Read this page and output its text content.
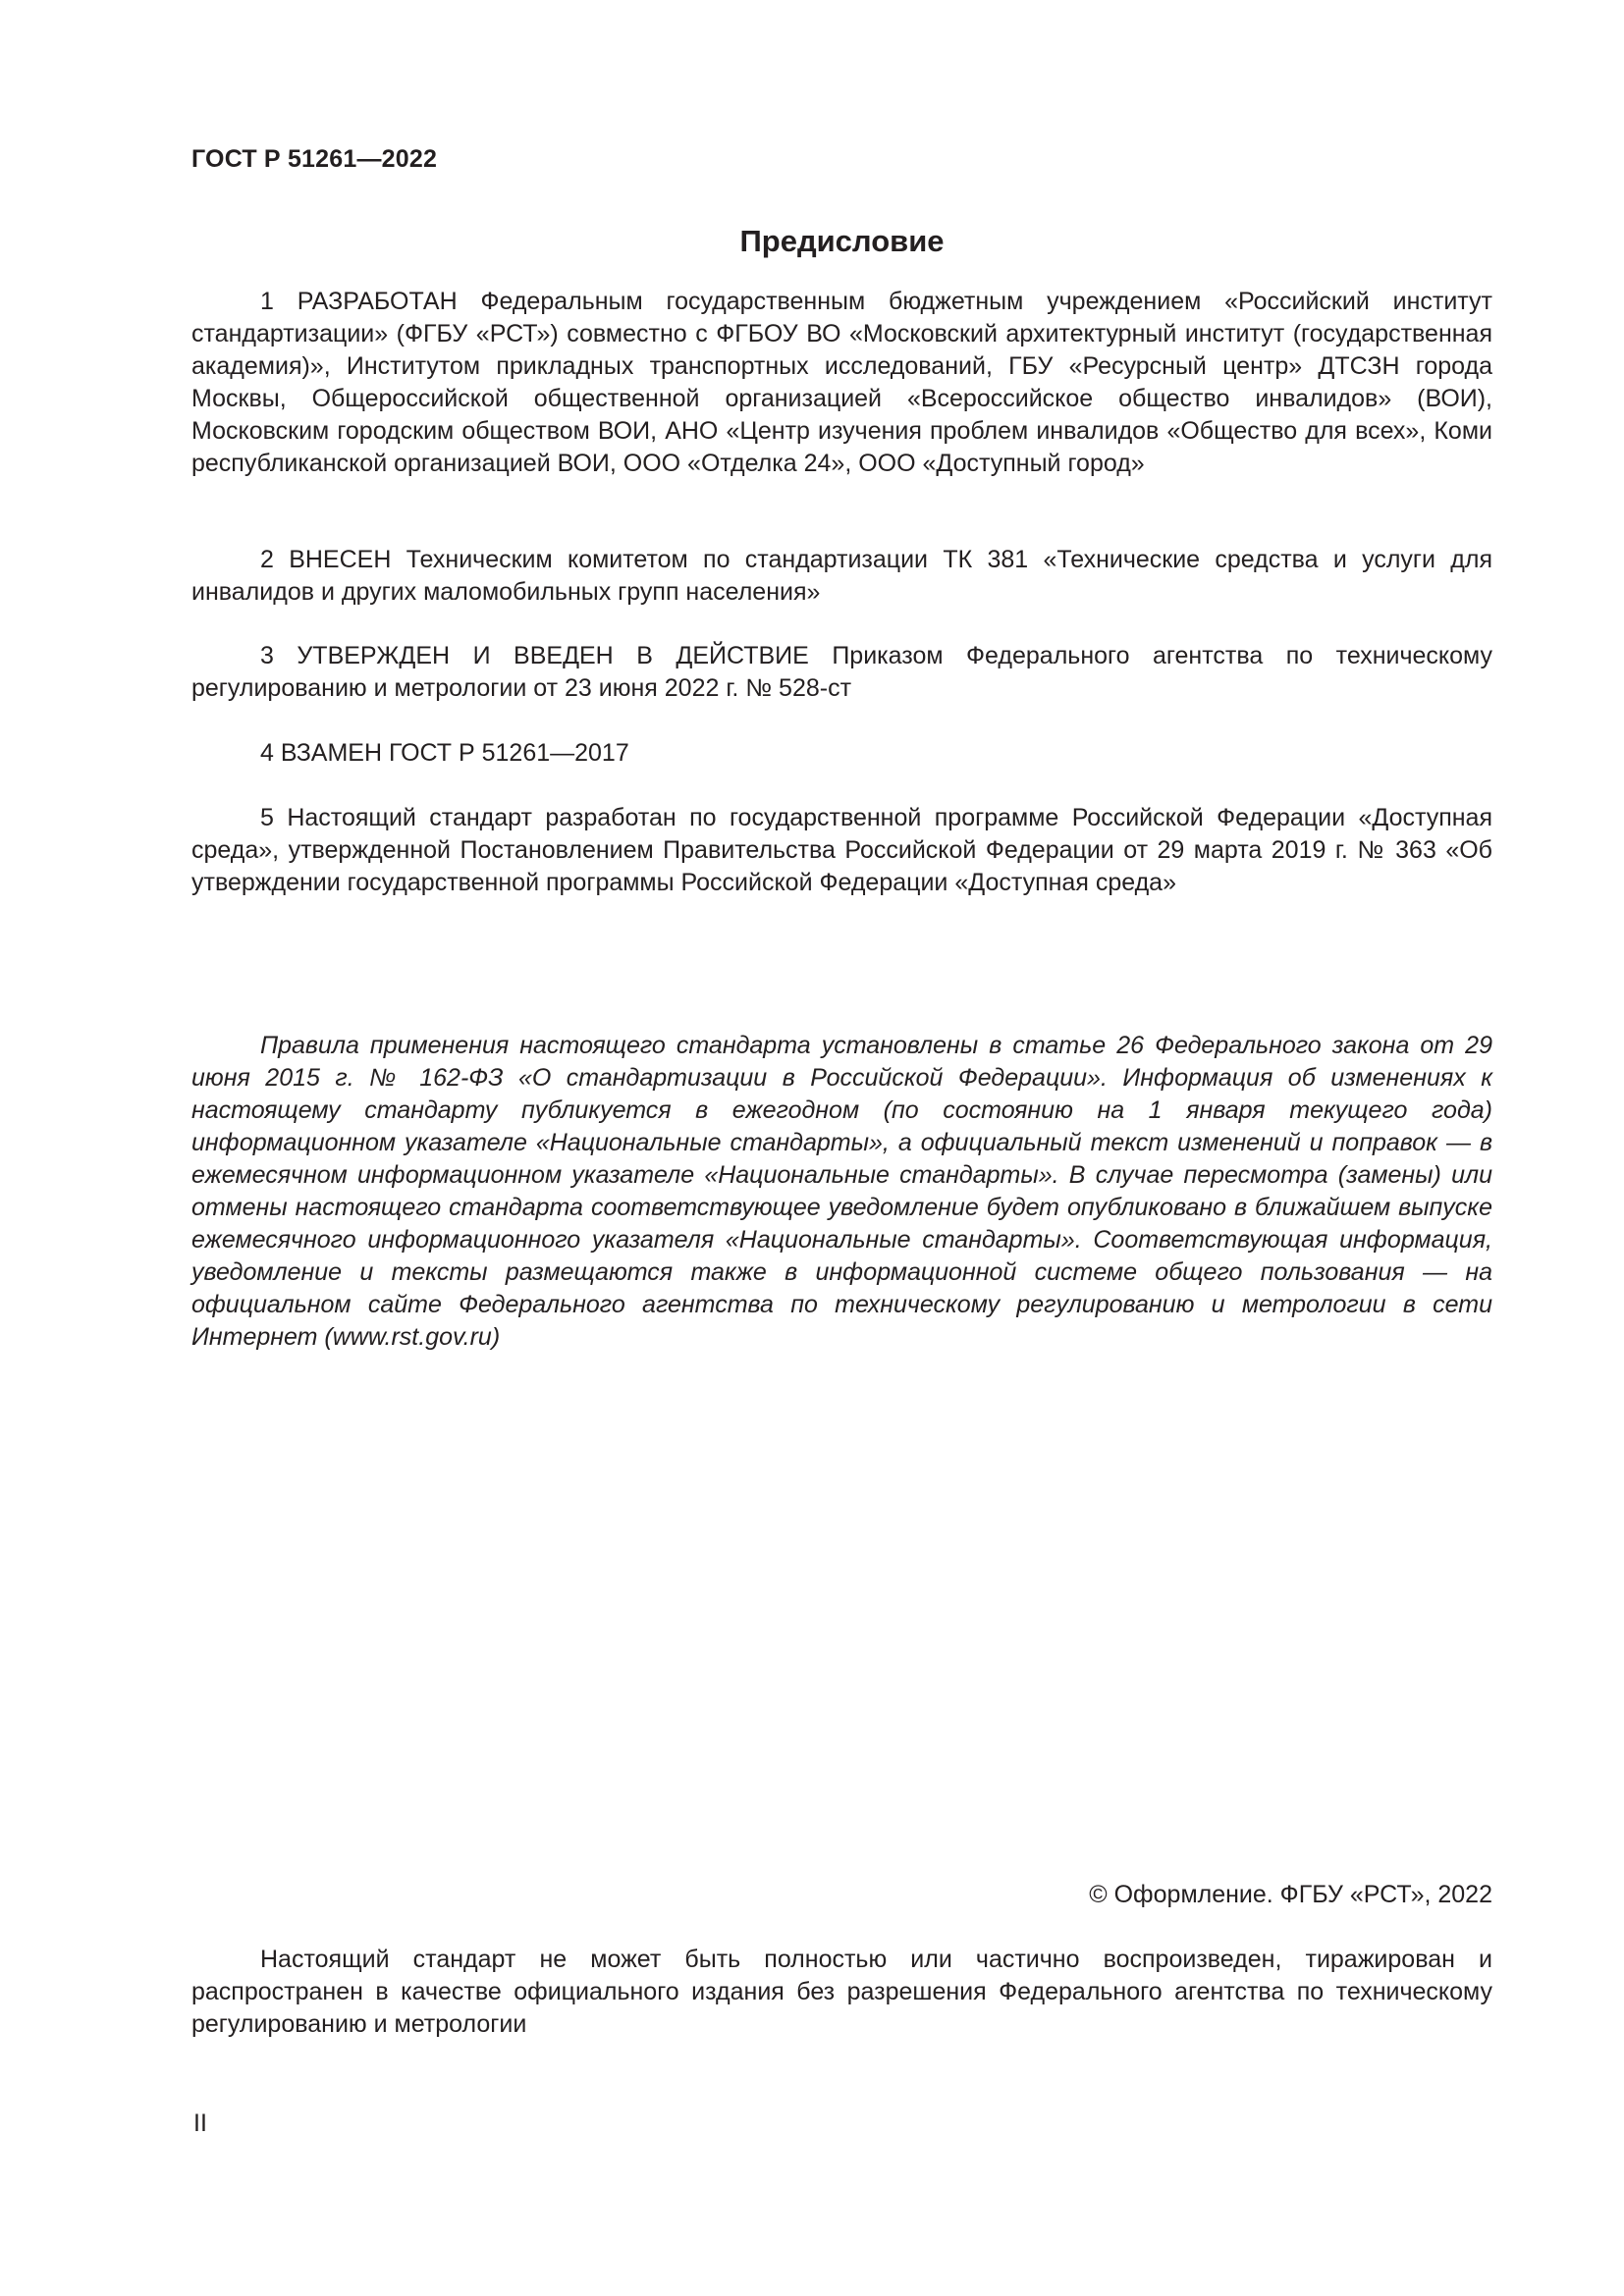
ГОСТ Р 51261—2022

Предисловие

1 РАЗРАБОТАН Федеральным государственным бюджетным учреждением «Российский институт стандартизации» (ФГБУ «РСТ») совместно с ФГБОУ ВО «Московский архитектурный институт (государственная академия)», Институтом прикладных транспортных исследований, ГБУ «Ресурсный центр» ДТСЗН города Москвы, Общероссийской общественной организацией «Всероссийское общество инвалидов» (ВОИ), Московским городским обществом ВОИ, АНО «Центр изучения проблем инвалидов «Общество для всех», Коми республиканской организацией ВОИ, ООО «Отделка 24», ООО «Доступный город»

2 ВНЕСЕН Техническим комитетом по стандартизации ТК 381 «Технические средства и услуги для инвалидов и других маломобильных групп населения»

3 УТВЕРЖДЕН И ВВЕДЕН В ДЕЙСТВИЕ Приказом Федерального агентства по техническому регулированию и метрологии от 23 июня 2022 г. № 528-ст

4 ВЗАМЕН ГОСТ Р 51261—2017

5 Настоящий стандарт разработан по государственной программе Российской Федерации «Доступная среда», утвержденной Постановлением Правительства Российской Федерации от 29 марта 2019 г. № 363 «Об утверждении государственной программы Российской Федерации «Доступная среда»

Правила применения настоящего стандарта установлены в статье 26 Федерального закона от 29 июня 2015 г. № 162-ФЗ «О стандартизации в Российской Федерации». Информация об изменениях к настоящему стандарту публикуется в ежегодном (по состоянию на 1 января текущего года) информационном указателе «Национальные стандарты», а официальный текст изменений и поправок — в ежемесячном информационном указателе «Национальные стандарты». В случае пересмотра (замены) или отмены настоящего стандарта соответствующее уведомление будет опубликовано в ближайшем выпуске ежемесячного информационного указателя «Национальные стандарты». Соответствующая информация, уведомление и тексты размещаются также в информационной системе общего пользования — на официальном сайте Федерального агентства по техническому регулированию и метрологии в сети Интернет (www.rst.gov.ru)

© Оформление. ФГБУ «РСТ», 2022

Настоящий стандарт не может быть полностью или частично воспроизведен, тиражирован и распространен в качестве официального издания без разрешения Федерального агентства по техническому регулированию и метрологии

II
